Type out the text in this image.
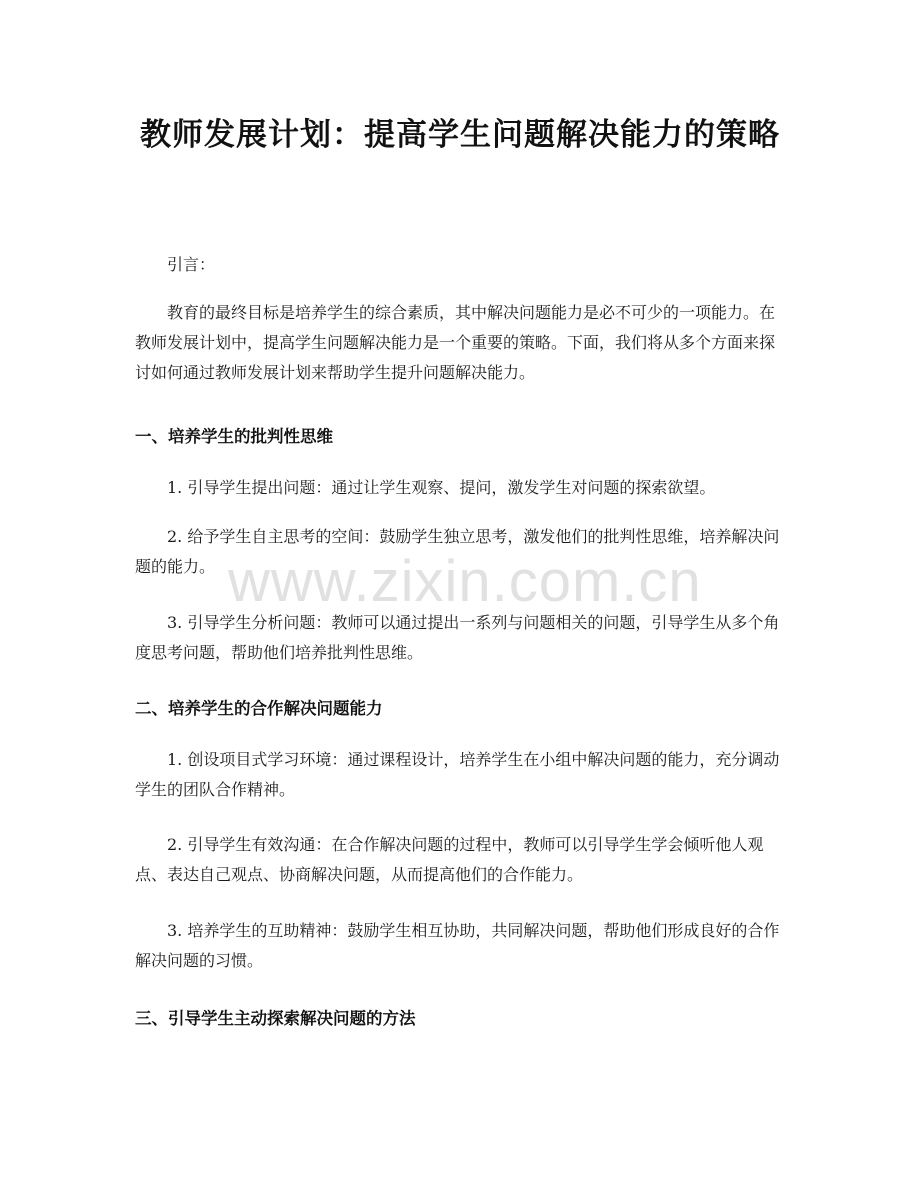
教师发展计划：提高学生问题解决能力的策略
引言：
教育的最终目标是培养学生的综合素质，其中解决问题能力是必不可少的一项能力。在教师发展计划中，提高学生问题解决能力是一个重要的策略。下面，我们将从多个方面来探讨如何通过教师发展计划来帮助学生提升问题解决能力。
一、培养学生的批判性思维
1. 引导学生提出问题：通过让学生观察、提问，激发学生对问题的探索欲望。
2. 给予学生自主思考的空间：鼓励学生独立思考，激发他们的批判性思维，培养解决问题的能力。
3. 引导学生分析问题：教师可以通过提出一系列与问题相关的问题，引导学生从多个角度思考问题，帮助他们培养批判性思维。
二、培养学生的合作解决问题能力
1. 创设项目式学习环境：通过课程设计，培养学生在小组中解决问题的能力，充分调动学生的团队合作精神。
2. 引导学生有效沟通：在合作解决问题的过程中，教师可以引导学生学会倾听他人观点、表达自己观点、协商解决问题，从而提高他们的合作能力。
3. 培养学生的互助精神：鼓励学生相互协助，共同解决问题，帮助他们形成良好的合作解决问题的习惯。
三、引导学生主动探索解决问题的方法
www.zixin.com.cn
